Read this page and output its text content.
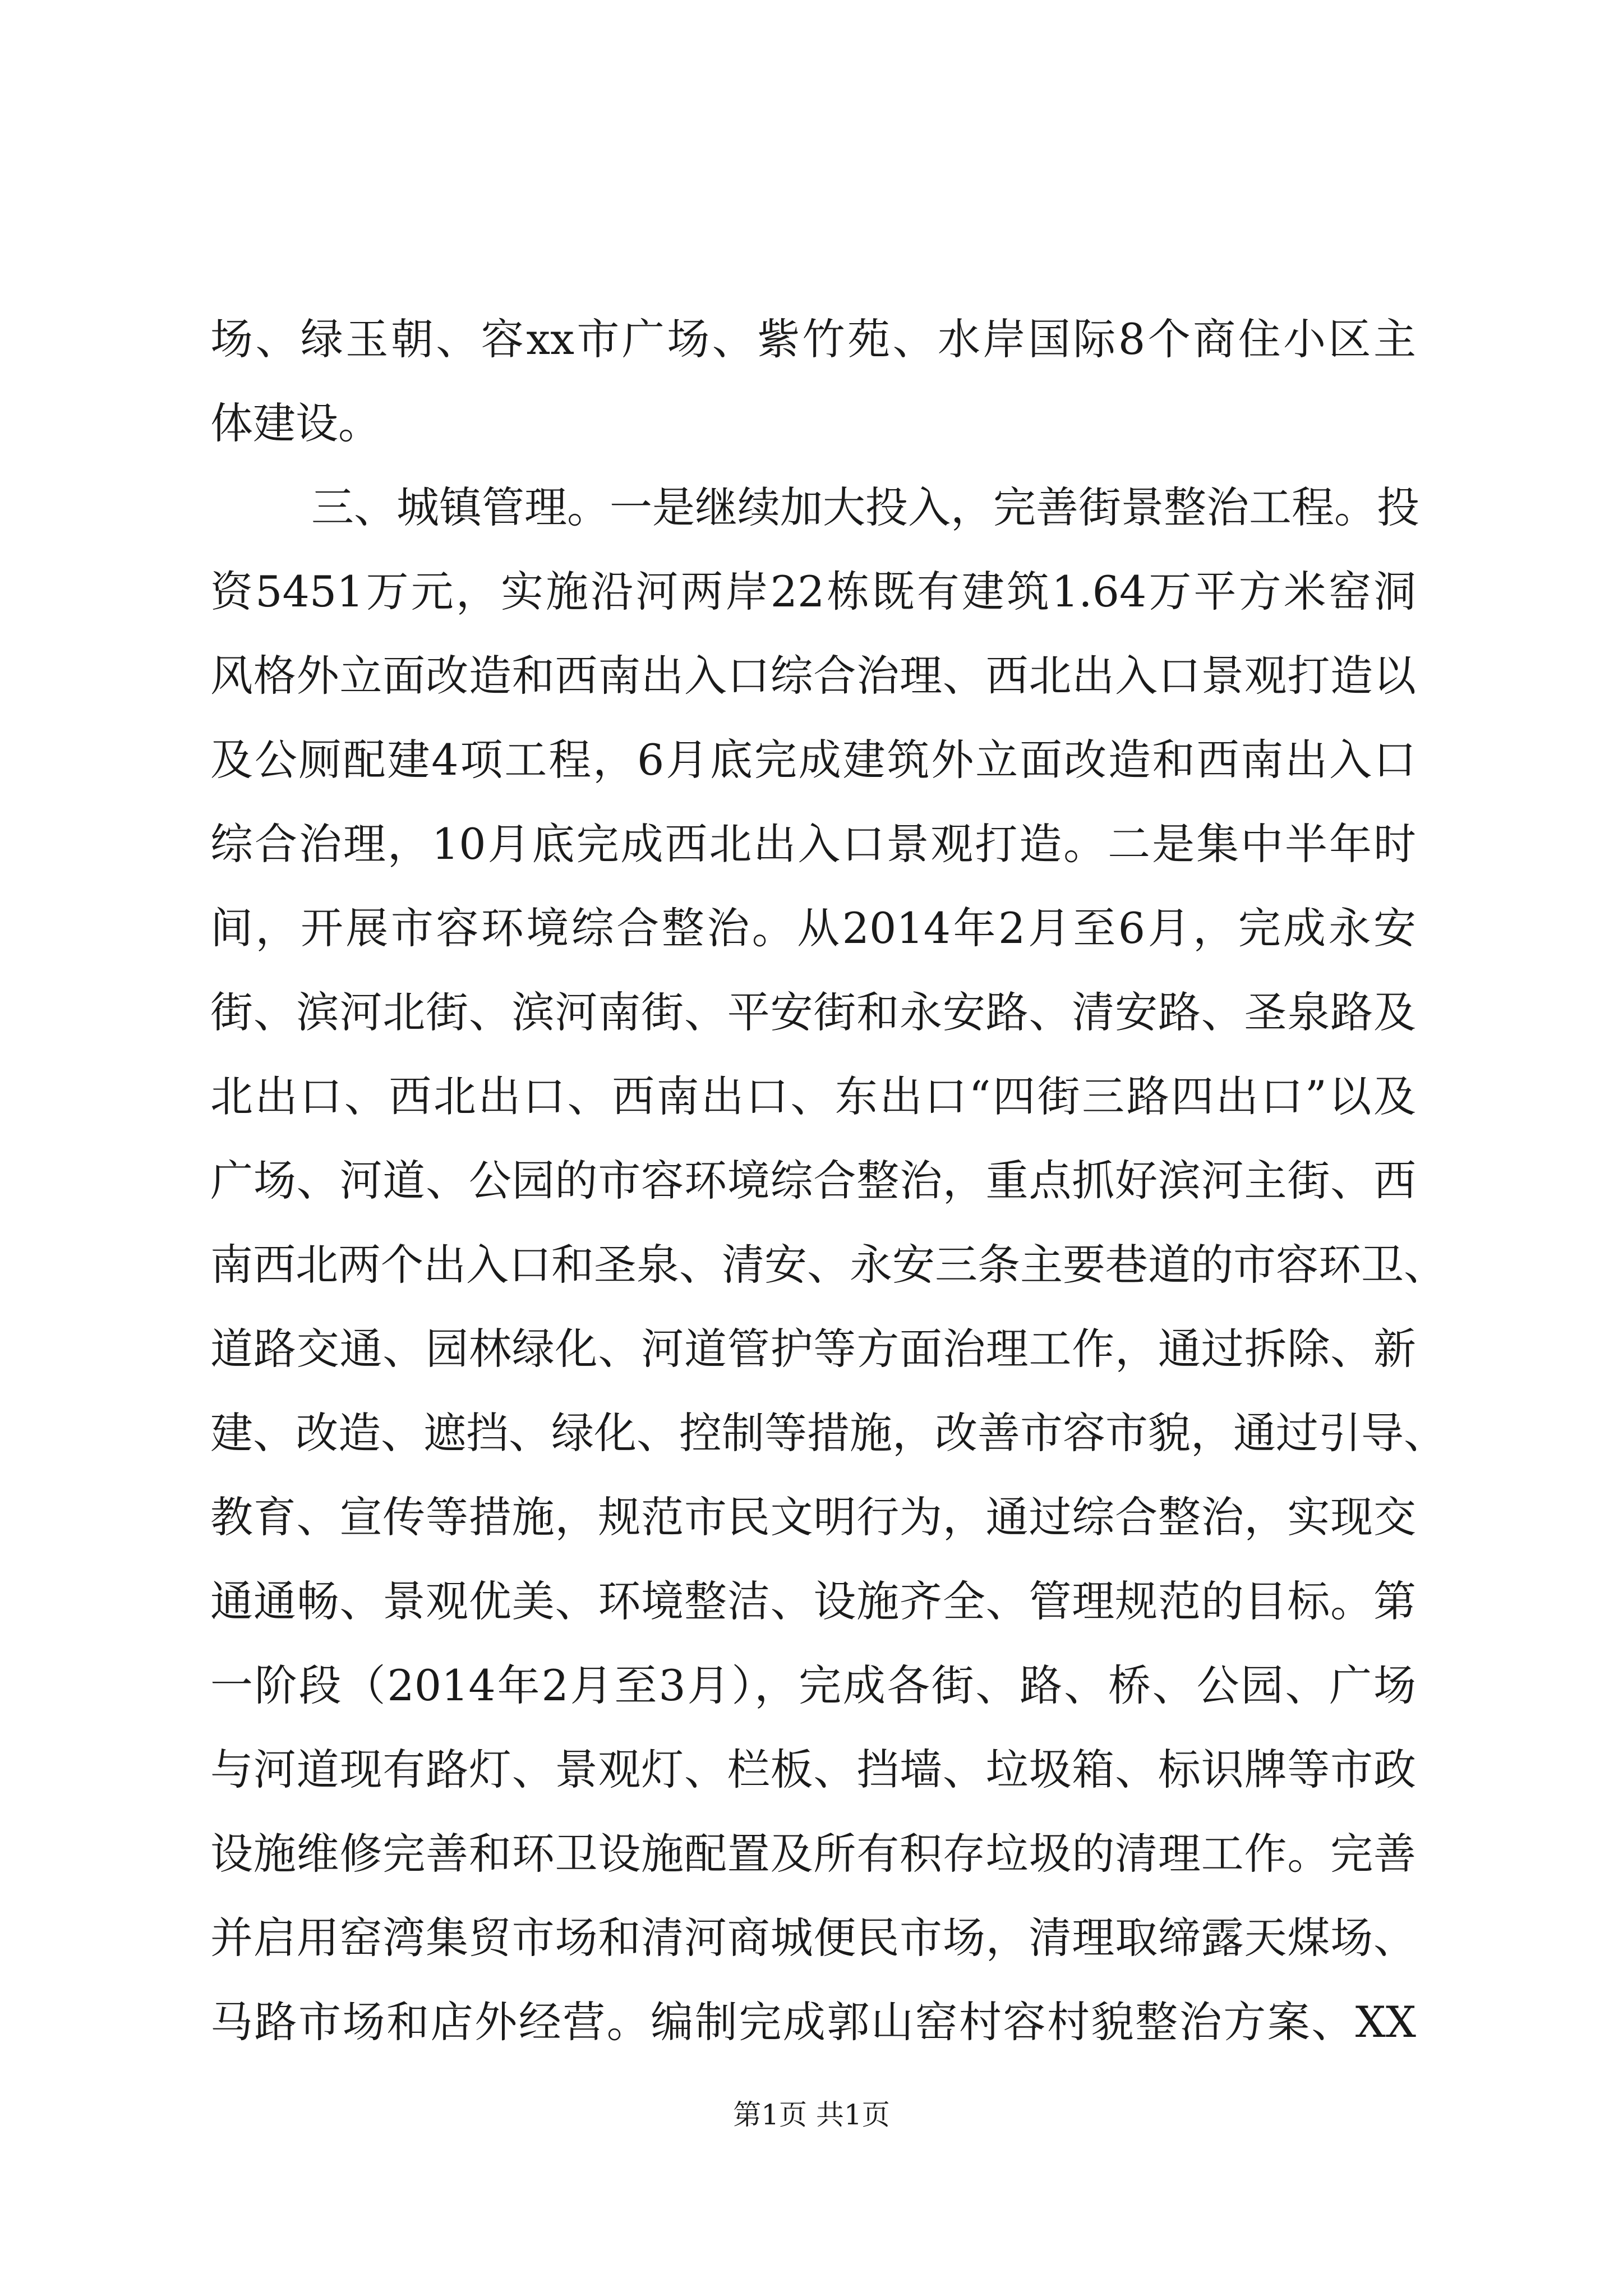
场、绿玉朝、容xx市广场、紫竹苑、水岸国际8个商住小区主
体建设。
三、城镇管理。一是继续加大投入，完善街景整治工程。投
资5451万元，实施沿河两岸22栋既有建筑1.64万平方米窑洞
风格外立面改造和西南出入口综合治理、西北出入口景观打造以
及公厕配建4项工程，6月底完成建筑外立面改造和西南出入口
综合治理，10月底完成西北出入口景观打造。二是集中半年时
间，开展市容环境综合整治。从2014年2月至6月，完成永安
街、滨河北街、滨河南街、平安街和永安路、清安路、圣泉路及
北出口、西北出口、西南出口、东出口“四街三路四出口”以及
广场、河道、公园的市容环境综合整治，重点抓好滨河主街、西
南西北两个出入口和圣泉、清安、永安三条主要巷道的市容环卫、
道路交通、园林绿化、河道管护等方面治理工作，通过拆除、新
建、改造、遮挡、绿化、控制等措施，改善市容市貌，通过引导、
教育、宣传等措施，规范市民文明行为，通过综合整治，实现交
通通畅、景观优美、环境整洁、设施齐全、管理规范的目标。第
一阶段（2014年2月至3月），完成各街、路、桥、公园、广场
与河道现有路灯、景观灯、栏板、挡墙、垃圾箱、标识牌等市政
设施维修完善和环卫设施配置及所有积存垃圾的清理工作。完善
并启用窑湾集贸市场和清河商城便民市场，清理取缔露天煤场、
马路市场和店外经营。编制完成郭山窑村容村貌整治方案、XX
第1页 共1页
